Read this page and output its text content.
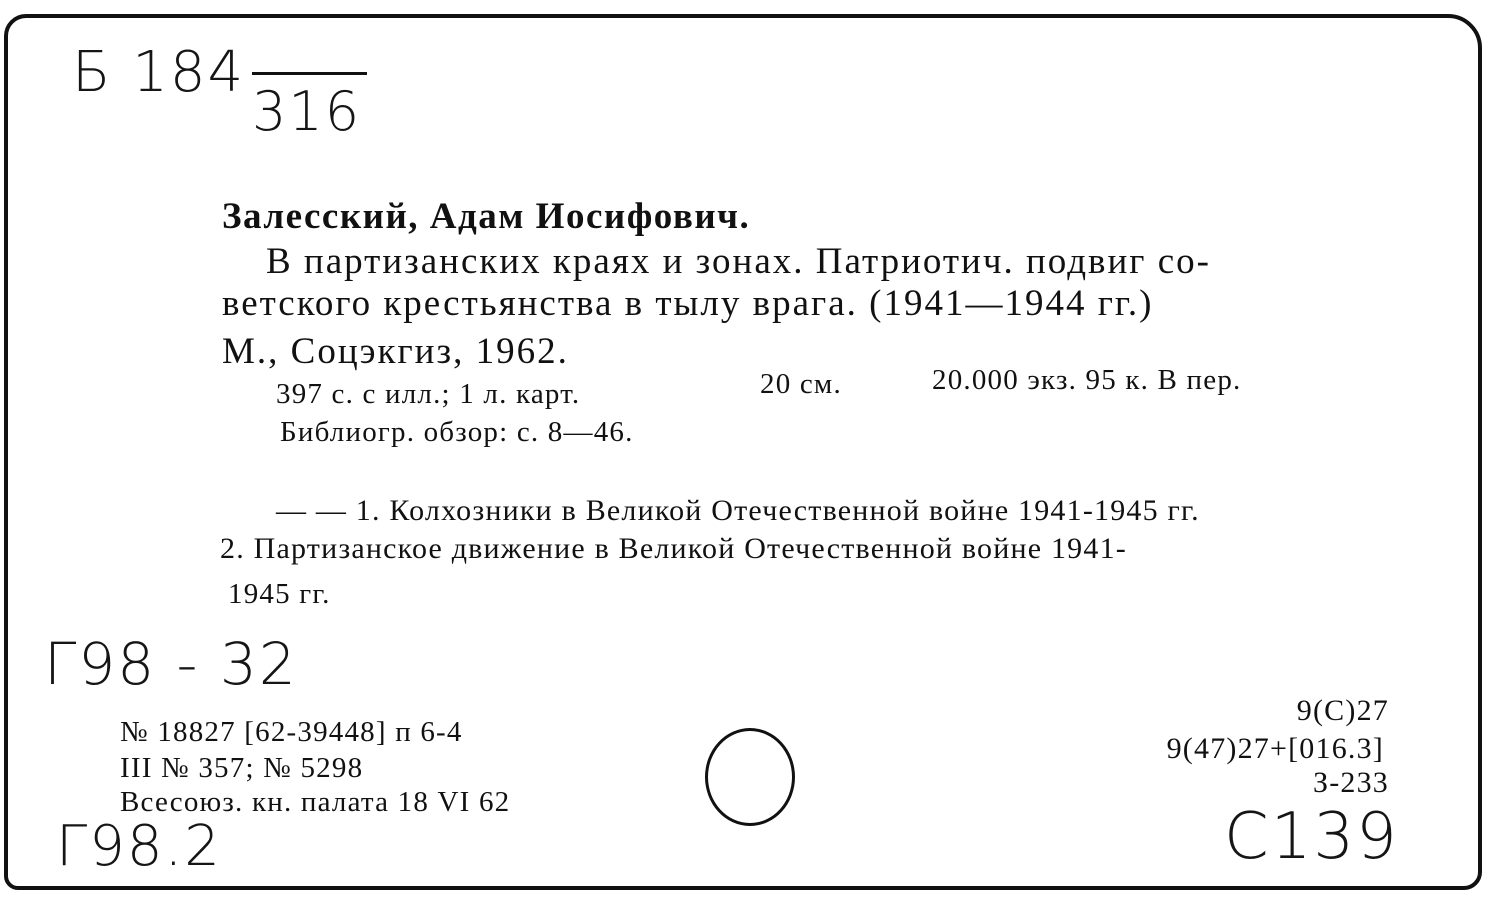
Б 184
316
Залесский, Адам Иосифович.
В партизанских краях и зонах. Патриотич. подвиг со-
ветского крестьянства в тылу врага. (1941—1944 гг.)
М., Соцэкгиз, 1962.
397 с. с илл.; 1 л. карт.	20 см.	20.000 экз. 95 к. В пер.
Библиогр. обзор: с. 8—46.
— — 1. Колхозники в Великой Отечественной войне 1941-1945 гг.
2. Партизанское движение в Великой Отечественной войне 1941-
1945 гг.
Г98 - 32
№ 18827 [62-39448] п 6-4
III № 357; № 5298
Всесоюз. кн. палата 18 VI 62
9(С)27
9(47)27+[016.3]
З-233
Г98.2	С139
